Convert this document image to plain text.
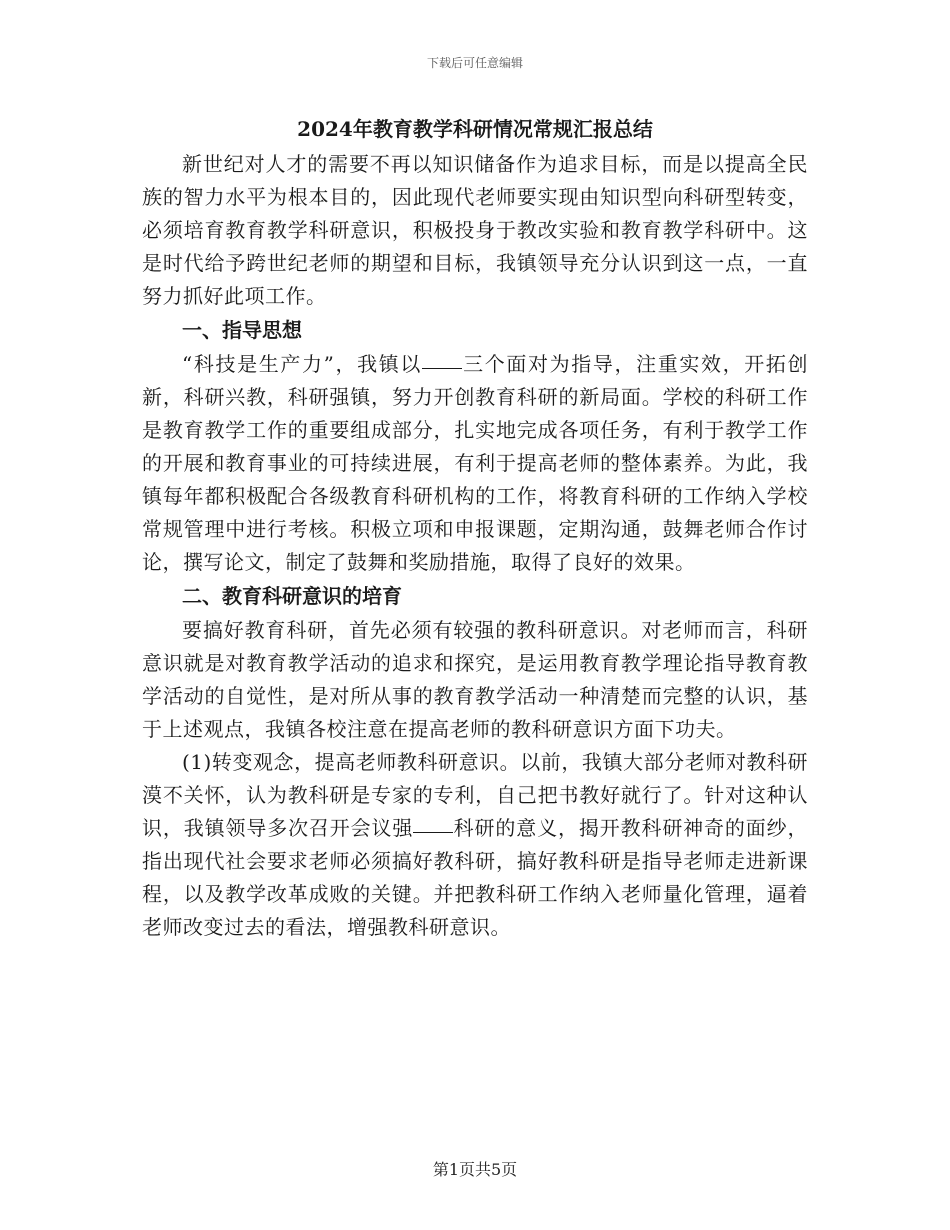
下载后可任意编辑
2024年教育教学科研情况常规汇报总结

新世纪对人才的需要不再以知识储备作为追求目标，而是以提高全民族的智力水平为根本目的，因此现代老师要实现由知识型向科研型转变，必须培育教育教学科研意识，积极投身于教改实验和教育教学科研中。这是时代给予跨世纪老师的期望和目标，我镇领导充分认识到这一点，一直努力抓好此项工作。

一、指导思想

“科技是生产力”，我镇以 三个面对为指导，注重实效，开拓创新，科研兴教，科研强镇，努力开创教育科研的新局面。学校的科研工作是教育教学工作的重要组成部分，扎实地完成各项任务，有利于教学工作的开展和教育事业的可持续进展，有利于提高老师的整体素养。为此，我镇每年都积极配合各级教育科研机构的工作，将教育科研的工作纳入学校常规管理中进行考核。积极立项和申报课题，定期沟通，鼓舞老师合作讨论，撰写论文，制定了鼓舞和奖励措施，取得了良好的效果。

二、教育科研意识的培育

要搞好教育科研，首先必须有较强的教科研意识。对老师而言，科研意识就是对教育教学活动的追求和探究，是运用教育教学理论指导教育教学活动的自觉性，是对所从事的教育教学活动一种清楚而完整的认识，基于上述观点，我镇各校注意在提高老师的教科研意识方面下功夫。

(1)转变观念，提高老师教科研意识。以前，我镇大部分老师对教科研漠不关怀，认为教科研是专家的专利，自己把书教好就行了。针对这种认识，我镇领导多次召开会议强 科研的意义，揭开教科研神奇的面纱，指出现代社会要求老师必须搞好教科研，搞好教科研是指导老师走进新课程，以及教学改革成败的关键。并把教科研工作纳入老师量化管理，逼着老师改变过去的看法，增强教科研意识。

第1页共5页
